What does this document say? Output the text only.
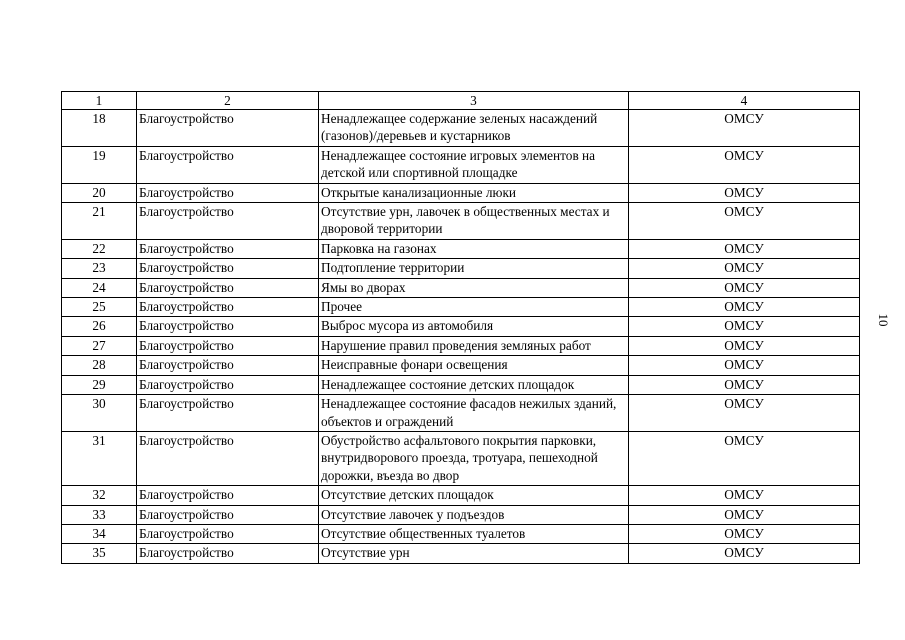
1	2	3	4
18	Благоустройство	Ненадлежащее содержание зеленых насаждений (газонов)/деревьев и кустарников	ОМСУ
19	Благоустройство	Ненадлежащее состояние игровых элементов на детской или спортивной площадке	ОМСУ
20	Благоустройство	Открытые канализационные люки	ОМСУ
21	Благоустройство	Отсутствие урн, лавочек в общественных местах и дворовой территории	ОМСУ
22	Благоустройство	Парковка на газонах	ОМСУ
23	Благоустройство	Подтопление территории	ОМСУ
24	Благоустройство	Ямы во дворах	ОМСУ
25	Благоустройство	Прочее	ОМСУ
26	Благоустройство	Выброс мусора из автомобиля	ОМСУ
27	Благоустройство	Нарушение правил проведения земляных работ	ОМСУ
28	Благоустройство	Неисправные фонари освещения	ОМСУ
29	Благоустройство	Ненадлежащее состояние детских площадок	ОМСУ
30	Благоустройство	Ненадлежащее состояние фасадов нежилых зданий, объектов и ограждений	ОМСУ
31	Благоустройство	Обустройство асфальтового покрытия парковки, внутридворового проезда, тротуара, пешеходной дорожки, въезда во двор	ОМСУ
32	Благоустройство	Отсутствие детских площадок	ОМСУ
33	Благоустройство	Отсутствие лавочек у подъездов	ОМСУ
34	Благоустройство	Отсутствие общественных туалетов	ОМСУ
35	Благоустройство	Отсутствие урн	ОМСУ
10
